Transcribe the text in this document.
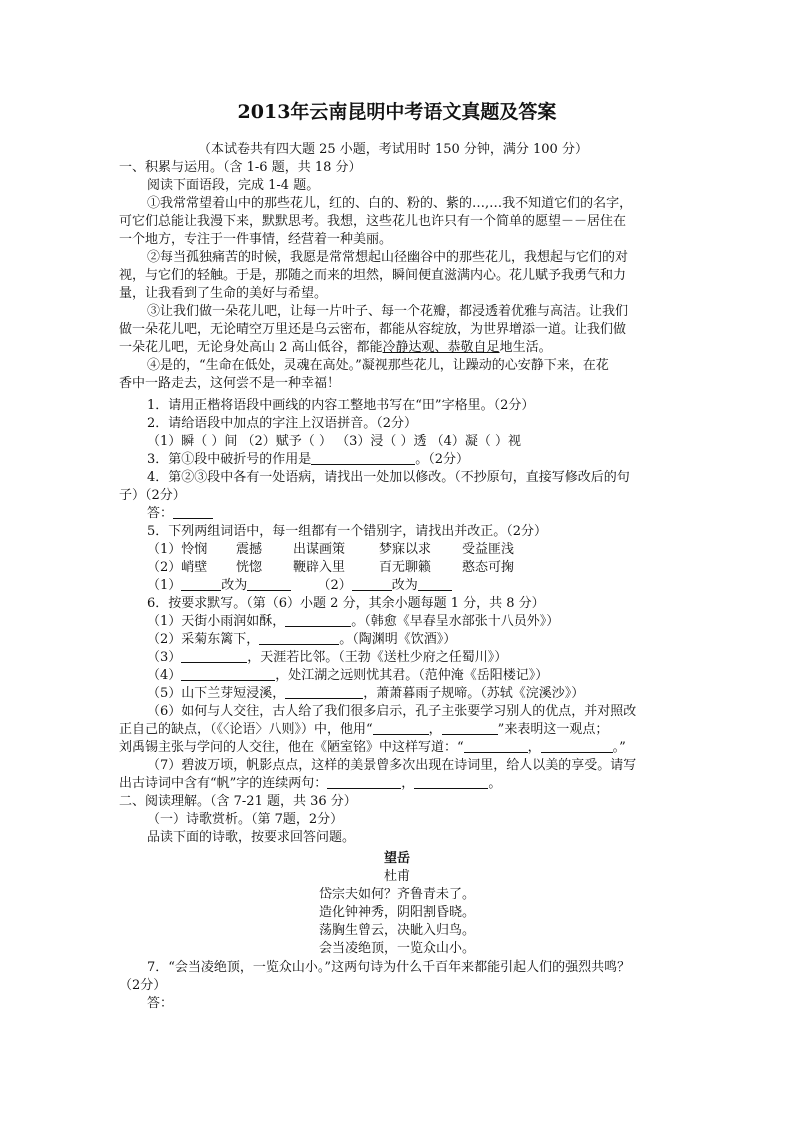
2013年云南昆明中考语文真题及答案
（本试卷共有四大题 25 小题，考试用时 150 分钟，满分 100 分）
一、积累与运用。（含 1-6 题，共 18 分）
阅读下面语段，完成 1-4 题。
①我常常望着山中的那些花儿，红的、白的、粉的、紫的…,…我不知道它们的名字，
可它们总能让我漫下来，默默思考。我想，这些花儿也许只有一个简单的愿望－－居住在
一个地方，专注于一件事情，经营着一种美丽。
②每当孤独痛苦的时候，我愿是常常想起山径幽谷中的那些花儿，我想起与它们的对
视，与它们的轻触。于是，那随之而来的坦然，瞬间便直滋满内心。花儿赋予我勇气和力
量，让我看到了生命的美好与希望。
③让我们做一朵花儿吧，让每一片叶子、每一个花瓣，都浸透着优雅与高洁。让我们
做一朵花儿吧，无论晴空万里还是乌云密布，都能从容绽放，为世界增添一道。让我们做
一朵花儿吧，无论身处高山 2 高山低谷，都能冷静达观、恭敬自足地生活。
④是的，“生命在低处，灵魂在高处。”凝视那些花儿，让躁动的心安静下来，在花
香中一路走去，这何尝不是一种幸福！
1．请用正楷将语段中画线的内容工整地书写在“田”字格里。（2分）
2．请给语段中加点的字注上汉语拼音。（2分）
（1）瞬（ ）间 （2）赋予（ ） （3）浸（ ）透 （4）凝（ ）视
3．第①段中破折号的作用是	。（2分）
4．第②③段中各有一处语病，请找出一处加以修改。（不抄原句，直接写修改后的句
子）（2分）
答：
5．下列两组词语中，每一组都有一个错别字，请找出并改正。（2分）
（1）怜悯 震撼 出谋画策	梦寐以求 受益匪浅
（2）峭壁 恍惚 鞭辟入里	百无聊籁 憨态可掬
（1）	改为	（2）	改为
6．按要求默写。（第（6）小题 2 分，其余小题每题 1 分，共 8 分）
（1）天街小雨润如酥，	。（韩愈《早春呈水部张十八员外》）
（2）采菊东篱下，	。（陶渊明《饮酒》）
（3）	，天涯若比邻。（王勃《送杜少府之任蜀川》）
（4）	，处江湖之远则忧其君。（范仲淹《岳阳楼记》）
（5）山下兰芽短浸溪，	，萧萧暮雨子规啼。（苏轼《浣溪沙》）
（6）如何与人交往，古人给了我们很多启示，孔子主张要学习别人的优点，并对照改
正自己的缺点，（《〈论语〉八则》）中，他用“	，	”来表明这一观点；
刘禹锡主张与学问的人交往，他在《陋室铭》中这样写道：“	，	。”
（7）碧波万顷，帆影点点，这样的美景曾多次出现在诗词里，给人以美的享受。请写
出古诗词中含有“帆”字的连续两句：	，	。
二、阅读理解。（含 7-21 题，共 36 分）
（一）诗歌赏析。（第 7题，2分）
品读下面的诗歌，按要求回答问题。
望岳
杜甫
岱宗夫如何？齐鲁青未了。
造化钟神秀，阴阳割昏晓。
荡胸生曾云，决眦入归鸟。
会当凌绝顶，一览众山小。
7．“会当凌绝顶，一览众山小。”这两句诗为什么千百年来都能引起人们的强烈共鸣？
（2分）
答：
